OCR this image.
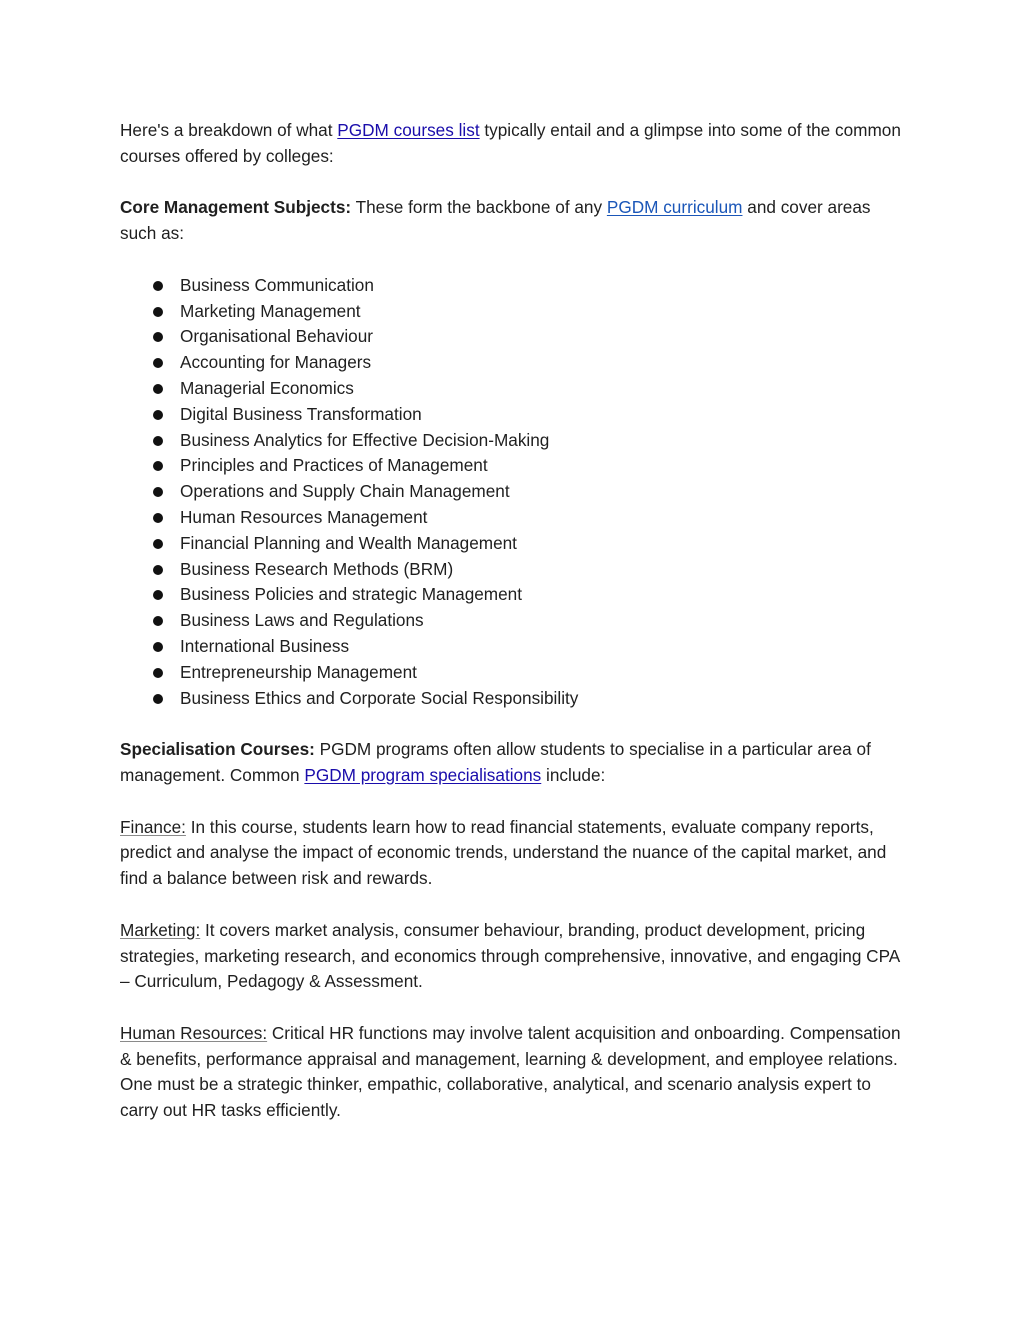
Here's a breakdown of what PGDM courses list typically entail and a glimpse into some of the common courses offered by colleges:

Core Management Subjects: These form the backbone of any PGDM curriculum and cover areas such as:

Business Communication
Marketing Management
Organisational Behaviour
Accounting for Managers
Managerial Economics
Digital Business Transformation
Business Analytics for Effective Decision-Making
Principles and Practices of Management
Operations and Supply Chain Management
Human Resources Management
Financial Planning and Wealth Management
Business Research Methods (BRM)
Business Policies and strategic Management
Business Laws and Regulations
International Business
Entrepreneurship Management
Business Ethics and Corporate Social Responsibility

Specialisation Courses: PGDM programs often allow students to specialise in a particular area of management. Common PGDM program specialisations include:

Finance: In this course, students learn how to read financial statements, evaluate company reports, predict and analyse the impact of economic trends, understand the nuance of the capital market, and find a balance between risk and rewards.

Marketing: It covers market analysis, consumer behaviour, branding, product development, pricing strategies, marketing research, and economics through comprehensive, innovative, and engaging CPA – Curriculum, Pedagogy & Assessment.

Human Resources: Critical HR functions may involve talent acquisition and onboarding. Compensation & benefits, performance appraisal and management, learning & development, and employee relations. One must be a strategic thinker, empathic, collaborative, analytical, and scenario analysis expert to carry out HR tasks efficiently.
